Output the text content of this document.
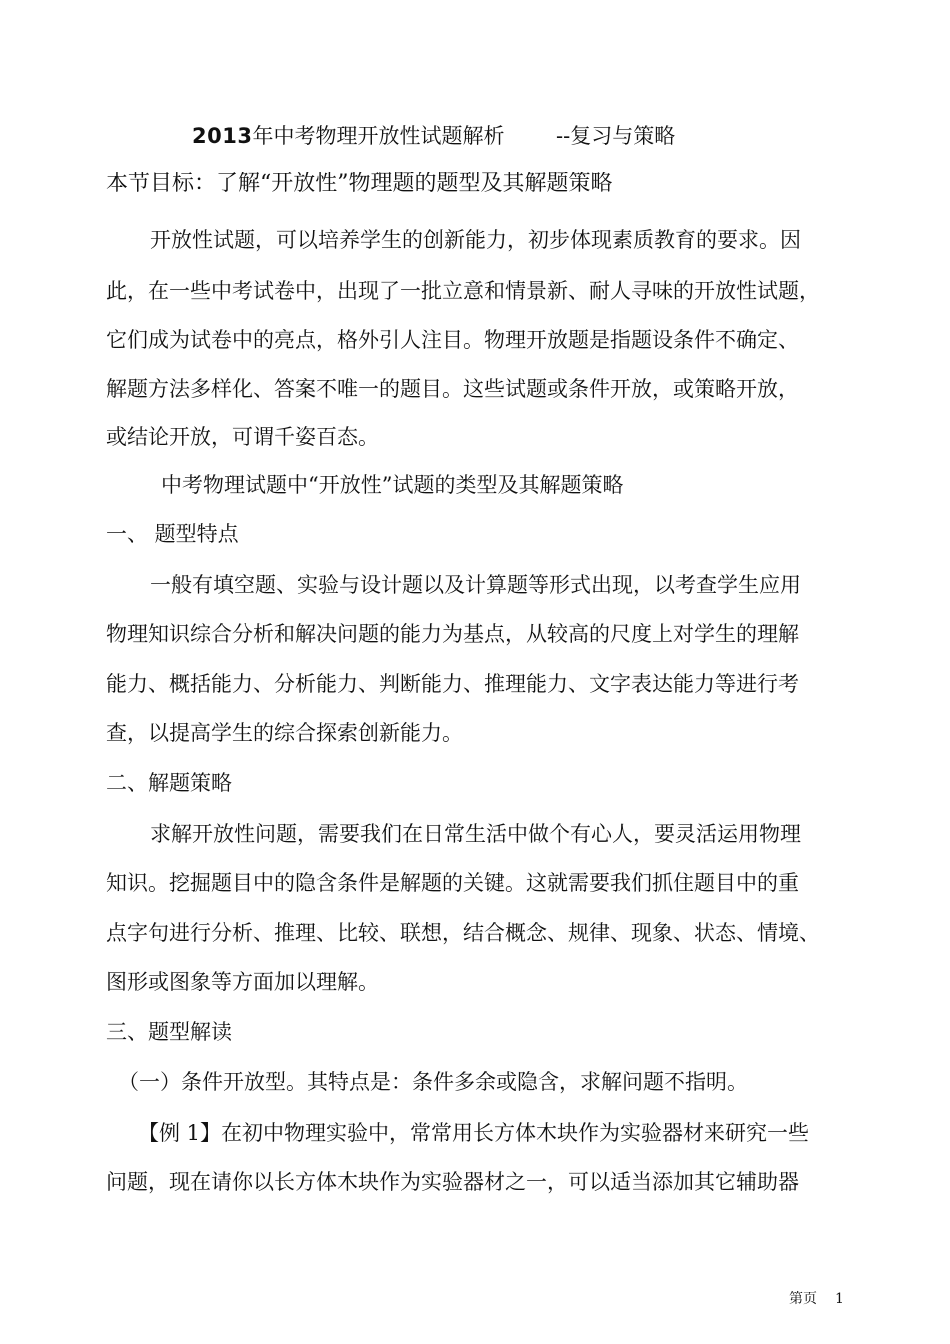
2013年中考物理开放性试题解析 --复习与策略
本节目标：了解“开放性”物理题的题型及其解题策略
开放性试题，可以培养学生的创新能力，初步体现素质教育的要求。因
此，在一些中考试卷中，出现了一批立意和情景新、耐人寻味的开放性试题，
它们成为试卷中的亮点，格外引人注目。物理开放题是指题设条件不确定、
解题方法多样化、答案不唯一的题目。这些试题或条件开放，或策略开放，
或结论开放，可谓千姿百态。
中考物理试题中“开放性”试题的类型及其解题策略
一、 题型特点
一般有填空题、实验与设计题以及计算题等形式出现，以考查学生应用
物理知识综合分析和解决问题的能力为基点，从较高的尺度上对学生的理解
能力、概括能力、分析能力、判断能力、推理能力、文字表达能力等进行考
查，以提高学生的综合探索创新能力。
二、解题策略
求解开放性问题，需要我们在日常生活中做个有心人，要灵活运用物理
知识。挖掘题目中的隐含条件是解题的关键。这就需要我们抓住题目中的重
点字句进行分析、推理、比较、联想，结合概念、规律、现象、状态、情境、
图形或图象等方面加以理解。
三、题型解读
（一）条件开放型。其特点是：条件多余或隐含，求解问题不指明。
【例 1】在初中物理实验中，常常用长方体木块作为实验器材来研究一些
问题，现在请你以长方体木块作为实验器材之一，可以适当添加其它辅助器
第页 1
